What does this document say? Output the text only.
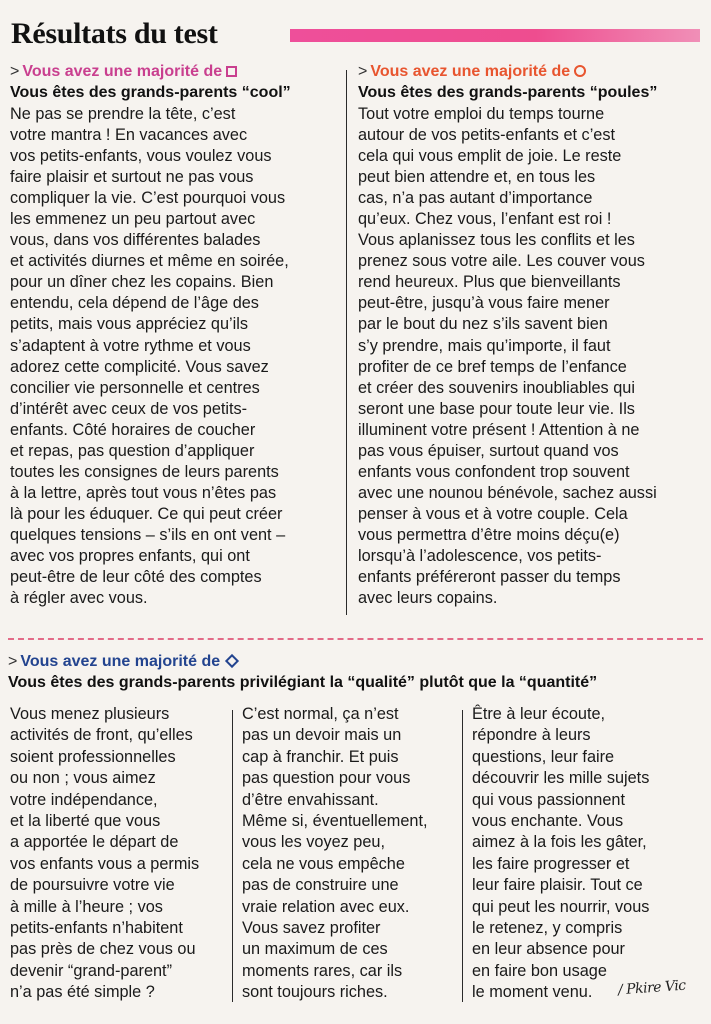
Résultats du test
> Vous avez une majorité de
Vous êtes des grands-parents “cool”
Ne pas se prendre la tête, c’est
votre mantra ! En vacances avec
vos petits-enfants, vous voulez vous
faire plaisir et surtout ne pas vous
compliquer la vie. C’est pourquoi vous
les emmenez un peu partout avec
vous, dans vos différentes balades
et activités diurnes et même en soirée,
pour un dîner chez les copains. Bien
entendu, cela dépend de l’âge des
petits, mais vous appréciez qu’ils
s’adaptent à votre rythme et vous
adorez cette complicité. Vous savez
concilier vie personnelle et centres
d’intérêt avec ceux de vos petits-
enfants. Côté horaires de coucher
et repas, pas question d’appliquer
toutes les consignes de leurs parents
à la lettre, après tout vous n’êtes pas
là pour les éduquer. Ce qui peut créer
quelques tensions – s’ils en ont vent –
avec vos propres enfants, qui ont
peut-être de leur côté des comptes
à régler avec vous.
> Vous avez une majorité de
Vous êtes des grands-parents “poules”
Tout votre emploi du temps tourne
autour de vos petits-enfants et c’est
cela qui vous emplit de joie. Le reste
peut bien attendre et, en tous les
cas, n’a pas autant d’importance
qu’eux. Chez vous, l’enfant est roi !
Vous aplanissez tous les conflits et les
prenez sous votre aile. Les couver vous
rend heureux. Plus que bienveillants
peut-être, jusqu’à vous faire mener
par le bout du nez s’ils savent bien
s’y prendre, mais qu’importe, il faut
profiter de ce bref temps de l’enfance
et créer des souvenirs inoubliables qui
seront une base pour toute leur vie. Ils
illuminent votre présent ! Attention à ne
pas vous épuiser, surtout quand vos
enfants vous confondent trop souvent
avec une nounou bénévole, sachez aussi
penser à vous et à votre couple. Cela
vous permettra d’être moins déçu(e)
lorsqu’à l’adolescence, vos petits-
enfants préféreront passer du temps
avec leurs copains.
> Vous avez une majorité de
Vous êtes des grands-parents privilégiant la “qualité” plutôt que la “quantité”
Vous menez plusieurs
activités de front, qu’elles
soient professionnelles
ou non ; vous aimez
votre indépendance,
et la liberté que vous
a apportée le départ de
vos enfants vous a permis
de poursuivre votre vie
à mille à l’heure ; vos
petits-enfants n’habitent
pas près de chez vous ou
devenir “grand-parent”
n’a pas été simple ?
C’est normal, ça n’est
pas un devoir mais un
cap à franchir. Et puis
pas question pour vous
d’être envahissant.
Même si, éventuellement,
vous les voyez peu,
cela ne vous empêche
pas de construire une
vraie relation avec eux.
Vous savez profiter
un maximum de ces
moments rares, car ils
sont toujours riches.
Être à leur écoute,
répondre à leurs
questions, leur faire
découvrir les mille sujets
qui vous passionnent
vous enchante. Vous
aimez à la fois les gâter,
les faire progresser et
leur faire plaisir. Tout ce
qui peut les nourrir, vous
le retenez, y compris
en leur absence pour
en faire bon usage
le moment venu.	/ Pkire Vic
